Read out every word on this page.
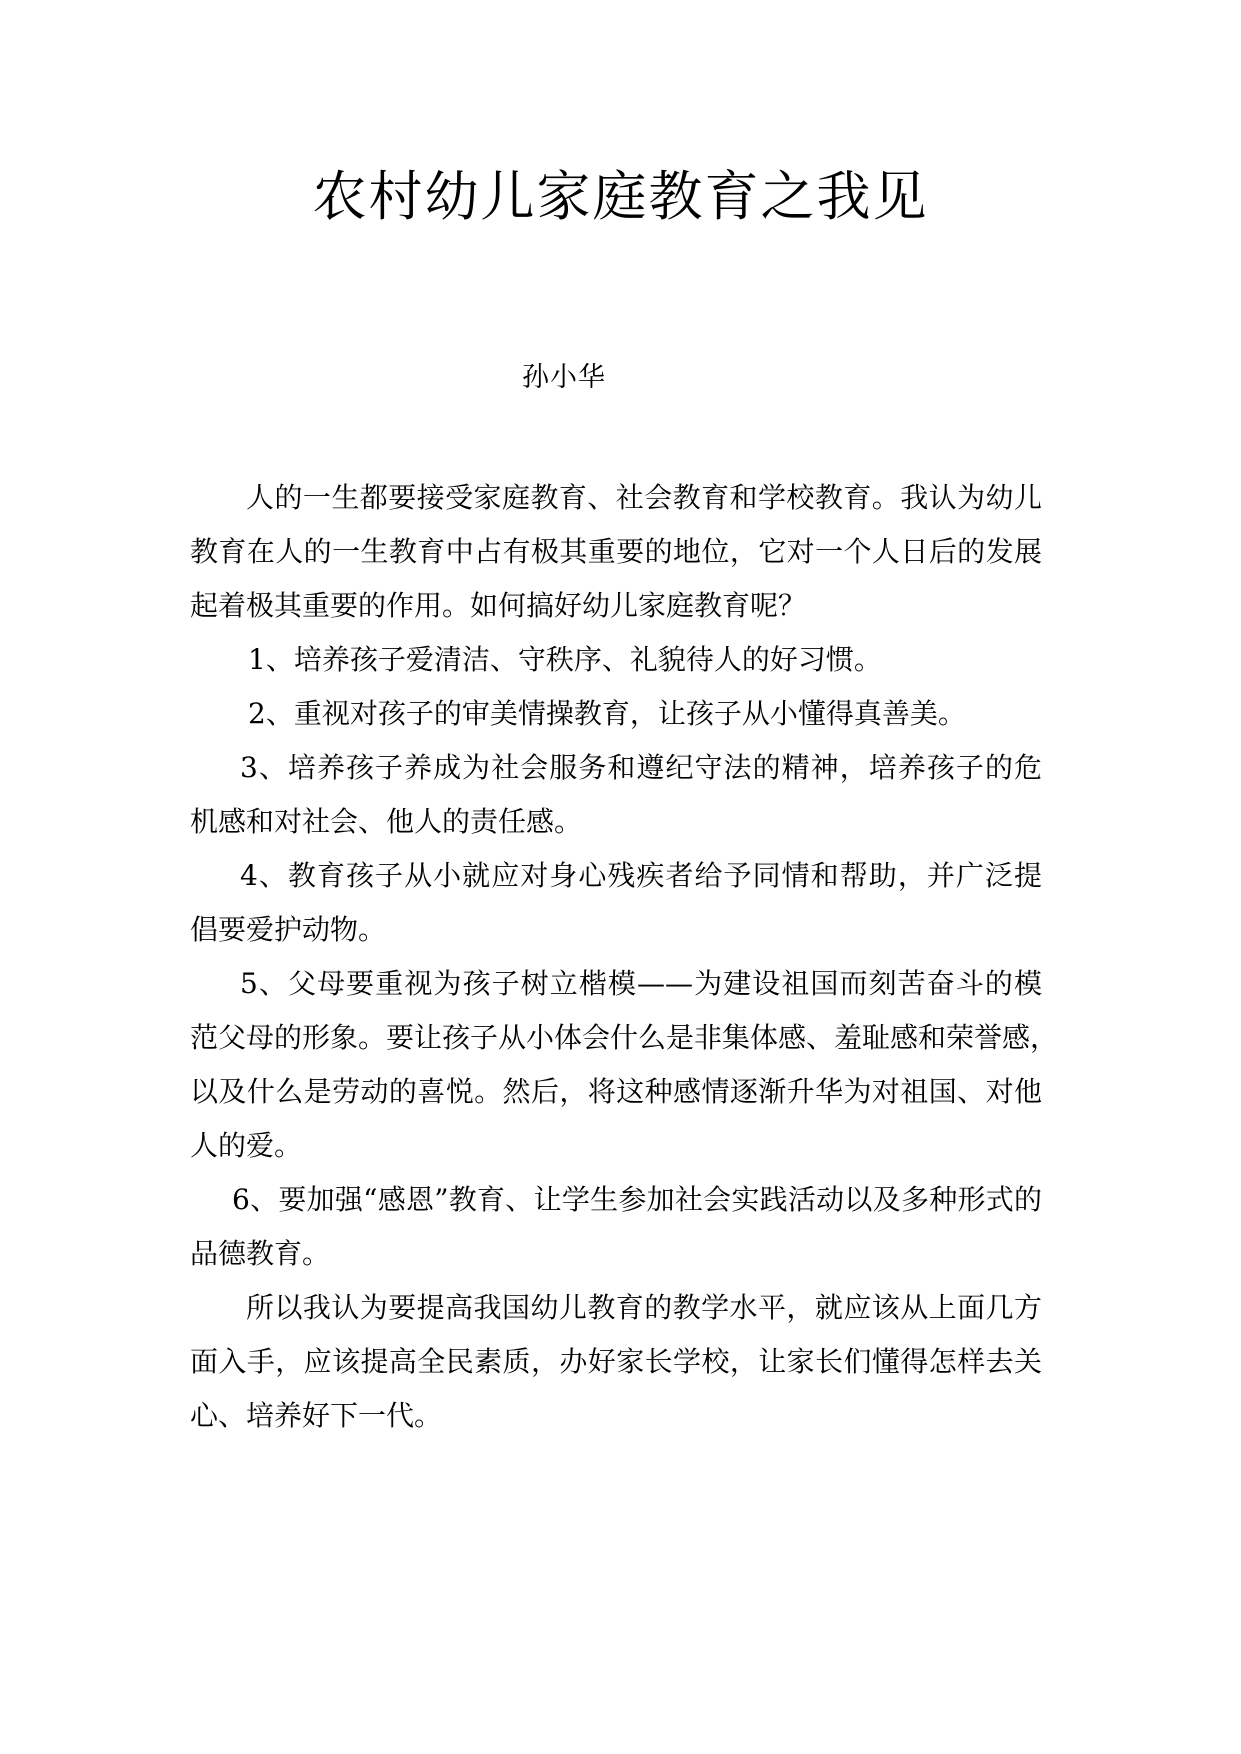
农村幼儿家庭教育之我见

孙小华

人的一生都要接受家庭教育、社会教育和学校教育。我认为幼儿

教育在人的一生教育中占有极其重要的地位，它对一个人日后的发展

起着极其重要的作用。如何搞好幼儿家庭教育呢？

1、培养孩子爱清洁、守秩序、礼貌待人的好习惯。

2、重视对孩子的审美情操教育，让孩子从小懂得真善美。

3、培养孩子养成为社会服务和遵纪守法的精神，培养孩子的危

机感和对社会、他人的责任感。

4、教育孩子从小就应对身心残疾者给予同情和帮助，并广泛提

倡要爱护动物。

5、父母要重视为孩子树立楷模——为建设祖国而刻苦奋斗的模

范父母的形象。要让孩子从小体会什么是非集体感、羞耻感和荣誉感，

以及什么是劳动的喜悦。然后，将这种感情逐渐升华为对祖国、对他

人的爱。

6、要加强“感恩”教育、让学生参加社会实践活动以及多种形式的

品德教育。

所以我认为要提高我国幼儿教育的教学水平，就应该从上面几方

面入手，应该提高全民素质，办好家长学校，让家长们懂得怎样去关

心、培养好下一代。
